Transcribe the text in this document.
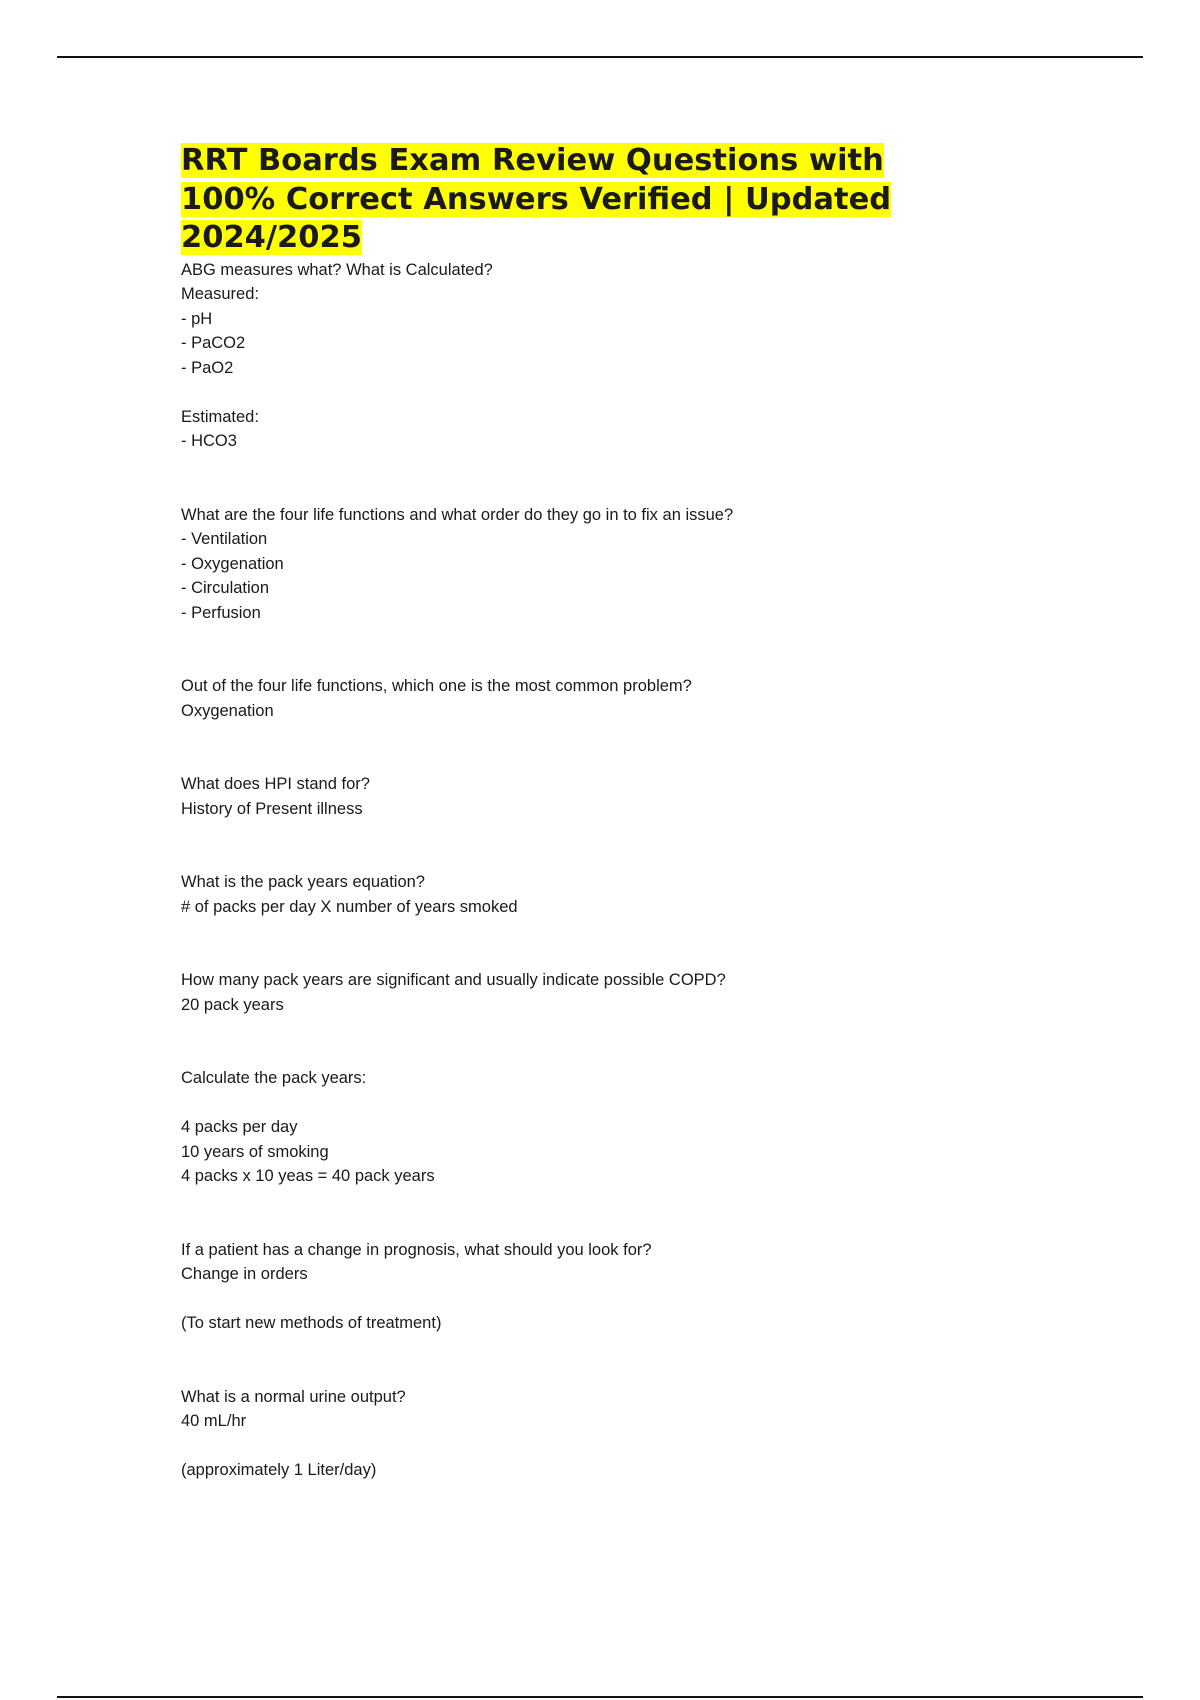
RRT Boards Exam Review Questions with 100% Correct Answers Verified | Updated 2024/2025
ABG measures what? What is Calculated?
Measured:
- pH
- PaCO2
- PaO2
Estimated:
- HCO3
What are the four life functions and what order do they go in to fix an issue?
- Ventilation
- Oxygenation
- Circulation
- Perfusion
Out of the four life functions, which one is the most common problem?
Oxygenation
What does HPI stand for?
History of Present illness
What is the pack years equation?
# of packs per day X number of years smoked
How many pack years are significant and usually indicate possible COPD?
20 pack years
Calculate the pack years:
4 packs per day
10 years of smoking
4 packs x 10 yeas = 40 pack years
If a patient has a change in prognosis, what should you look for?
Change in orders
(To start new methods of treatment)
What is a normal urine output?
40 mL/hr
(approximately 1 Liter/day)
